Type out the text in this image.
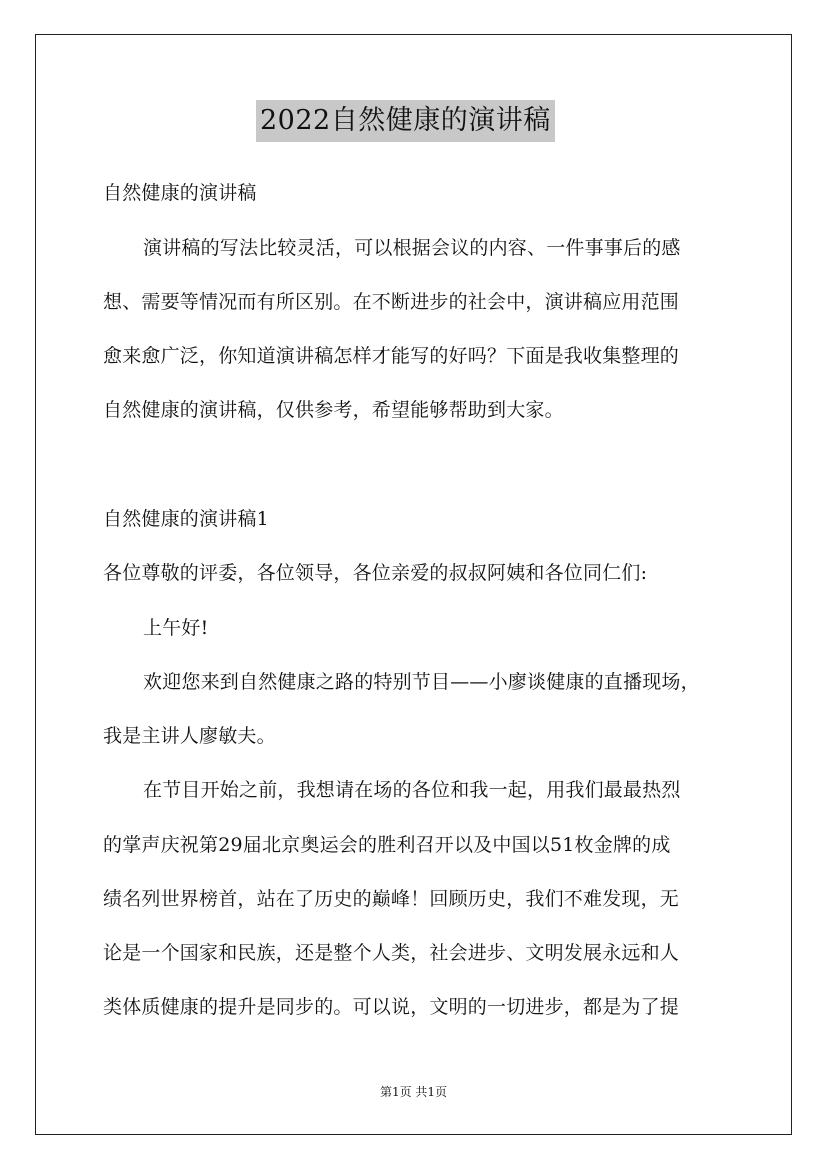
2022自然健康的演讲稿
自然健康的演讲稿
演讲稿的写法比较灵活，可以根据会议的内容、一件事事后的感
想、需要等情况而有所区别。在不断进步的社会中，演讲稿应用范围
愈来愈广泛，你知道演讲稿怎样才能写的好吗？下面是我收集整理的
自然健康的演讲稿，仅供参考，希望能够帮助到大家。
自然健康的演讲稿1
各位尊敬的评委，各位领导，各位亲爱的叔叔阿姨和各位同仁们:
上午好!
欢迎您来到自然健康之路的特别节目——小廖谈健康的直播现场，
我是主讲人廖敏夫。
在节目开始之前，我想请在场的各位和我一起，用我们最最热烈
的掌声庆祝第29届北京奥运会的胜利召开以及中国以51枚金牌的成
绩名列世界榜首，站在了历史的巅峰！回顾历史，我们不难发现，无
论是一个国家和民族，还是整个人类，社会进步、文明发展永远和人
类体质健康的提升是同步的。可以说，文明的一切进步，都是为了提
第1页 共1页
